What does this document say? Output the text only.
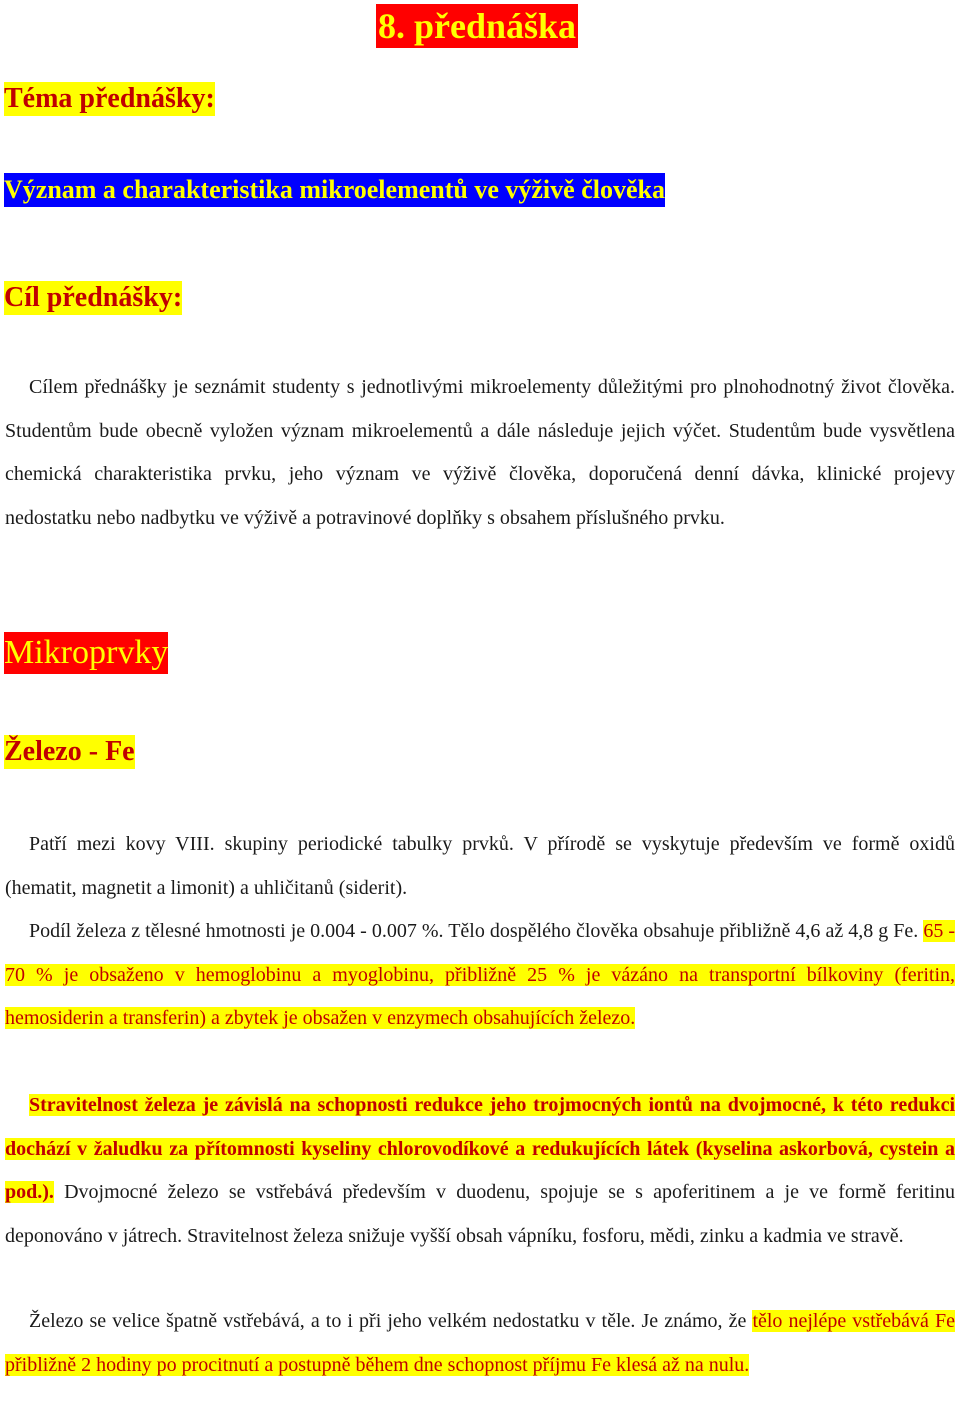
8. přednáška
Téma přednášky:
Význam a charakteristika mikroelementů ve výživě člověka
Cíl přednášky:

Cílem přednášky je seznámit studenty s jednotlivými mikroelementy důležitými pro plnohodnotný život člověka. Studentům bude obecně vyložen význam mikroelementů a dále následuje jejich výčet. Studentům bude vysvětlena chemická charakteristika prvku, jeho význam ve výživě člověka, doporučená denní dávka, klinické projevy nedostatku nebo nadbytku ve výživě a potravinové doplňky s obsahem příslušného prvku.

Mikroprvky
Železo - Fe

Patří mezi kovy VIII. skupiny periodické tabulky prvků. V přírodě se vyskytuje především ve formě oxidů (hematit, magnetit a limonit) a uhličitanů (siderit).

Podíl železa z tělesné hmotnosti je 0.004 - 0.007 %. Tělo dospělého člověka obsahuje přibližně 4,6 až 4,8 g Fe. 65 - 70 % je obsaženo v hemoglobinu a myoglobinu, přibližně 25 % je vázáno na transportní bílkoviny (feritin, hemosiderin a transferin) a zbytek je obsažen v enzymech obsahujících železo.

Stravitelnost železa je závislá na schopnosti redukce jeho trojmocných iontů na dvojmocné, k této redukci dochází v žaludku za přítomnosti kyseliny chlorovodíkové a redukujících látek (kyselina askorbová, cystein a pod.). Dvojmocné železo se vstřebává především v duodenu, spojuje se s apoferitinem a je ve formě feritinu deponováno v játrech. Stravitelnost železa snižuje vyšší obsah vápníku, fosforu, mědi, zinku a kadmia ve stravě.

Železo se velice špatně vstřebává, a to i při jeho velkém nedostatku v těle. Je známo, že tělo nejlépe vstřebává Fe přibližně 2 hodiny po procitnutí a postupně během dne schopnost příjmu Fe klesá až na nulu.
